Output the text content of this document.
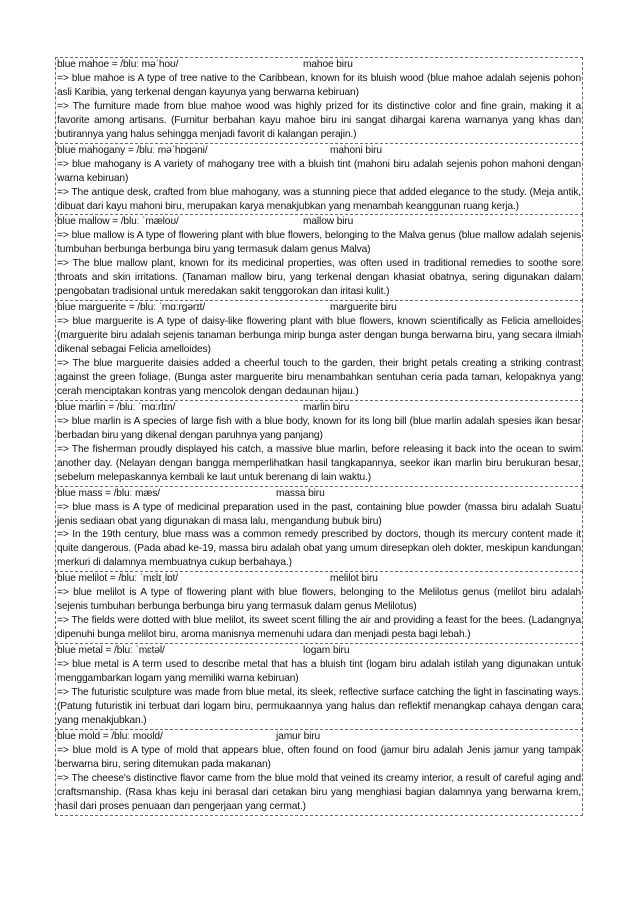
blue mahoe = /bluː məˈhoʊ/	mahoe biru

=> blue mahoe is A type of tree native to the Caribbean, known for its bluish wood (blue mahoe adalah sejenis pohon asli Karibia, yang terkenal dengan kayunya yang berwarna kebiruan)

=> The furniture made from blue mahoe wood was highly prized for its distinctive color and fine grain, making it a favorite among artisans. (Furnitur berbahan kayu mahoe biru ini sangat dihargai karena warnanya yang khas dan butirannya yang halus sehingga menjadi favorit di kalangan perajin.)

blue mahogany = /bluː məˈhɒɡəni/	mahoni biru

=> blue mahogany is A variety of mahogany tree with a bluish tint (mahoni biru adalah sejenis pohon mahoni dengan warna kebiruan)

=> The antique desk, crafted from blue mahogany, was a stunning piece that added elegance to the study. (Meja antik, dibuat dari kayu mahoni biru, merupakan karya menakjubkan yang menambah keanggunan ruang kerja.)

blue mallow = /bluː ˈmæloʊ/	mallow biru

=> blue mallow is A type of flowering plant with blue flowers, belonging to the Malva genus (blue mallow adalah sejenis tumbuhan berbunga berbunga biru yang termasuk dalam genus Malva)

=> The blue mallow plant, known for its medicinal properties, was often used in traditional remedies to soothe sore throats and skin irritations. (Tanaman mallow biru, yang terkenal dengan khasiat obatnya, sering digunakan dalam pengobatan tradisional untuk meredakan sakit tenggorokan dan iritasi kulit.)

blue marguerite = /bluː ˈmɑːrɡərɪt/	marguerite biru

=> blue marguerite is A type of daisy-like flowering plant with blue flowers, known scientifically as Felicia amelloides (marguerite biru adalah sejenis tanaman berbunga mirip bunga aster dengan bunga berwarna biru, yang secara ilmiah dikenal sebagai Felicia amelloides)

=> The blue marguerite daisies added a cheerful touch to the garden, their bright petals creating a striking contrast against the green foliage. (Bunga aster marguerite biru menambahkan sentuhan ceria pada taman, kelopaknya yang cerah menciptakan kontras yang mencolok dengan dedaunan hijau.)

blue marlin = /bluː ˈmɑːrlɪn/	marlin biru

=> blue marlin is A species of large fish with a blue body, known for its long bill (blue marlin adalah spesies ikan besar berbadan biru yang dikenal dengan paruhnya yang panjang)

=> The fisherman proudly displayed his catch, a massive blue marlin, before releasing it back into the ocean to swim another day. (Nelayan dengan bangga memperlihatkan hasil tangkapannya, seekor ikan marlin biru berukuran besar, sebelum melepaskannya kembali ke laut untuk berenang di lain waktu.)

blue mass = /bluː mæs/	massa biru

=> blue mass is A type of medicinal preparation used in the past, containing blue powder (massa biru adalah Suatu jenis sediaan obat yang digunakan di masa lalu, mengandung bubuk biru)

=> In the 19th century, blue mass was a common remedy prescribed by doctors, though its mercury content made it quite dangerous. (Pada abad ke-19, massa biru adalah obat yang umum diresepkan oleh dokter, meskipun kandungan merkuri di dalamnya membuatnya cukup berbahaya.)

blue melilot = /bluː ˈmɛlɪˌlɒt/	melilot biru

=> blue melilot is A type of flowering plant with blue flowers, belonging to the Melilotus genus (melilot biru adalah sejenis tumbuhan berbunga berbunga biru yang termasuk dalam genus Melilotus)

=> The fields were dotted with blue melilot, its sweet scent filling the air and providing a feast for the bees. (Ladangnya dipenuhi bunga melilot biru, aroma manisnya memenuhi udara dan menjadi pesta bagi lebah.)

blue metal = /bluː ˈmɛtəl/	logam biru

=> blue metal is A term used to describe metal that has a bluish tint (logam biru adalah istilah yang digunakan untuk menggambarkan logam yang memiliki warna kebiruan)

=> The futuristic sculpture was made from blue metal, its sleek, reflective surface catching the light in fascinating ways. (Patung futuristik ini terbuat dari logam biru, permukaannya yang halus dan reflektif menangkap cahaya dengan cara yang menakjubkan.)

blue mold = /bluː moʊld/	jamur biru

=> blue mold is A type of mold that appears blue, often found on food (jamur biru adalah Jenis jamur yang tampak berwarna biru, sering ditemukan pada makanan)

=> The cheese's distinctive flavor came from the blue mold that veined its creamy interior, a result of careful aging and craftsmanship. (Rasa khas keju ini berasal dari cetakan biru yang menghiasi bagian dalamnya yang berwarna krem, hasil dari proses penuaan dan pengerjaan yang cermat.)
